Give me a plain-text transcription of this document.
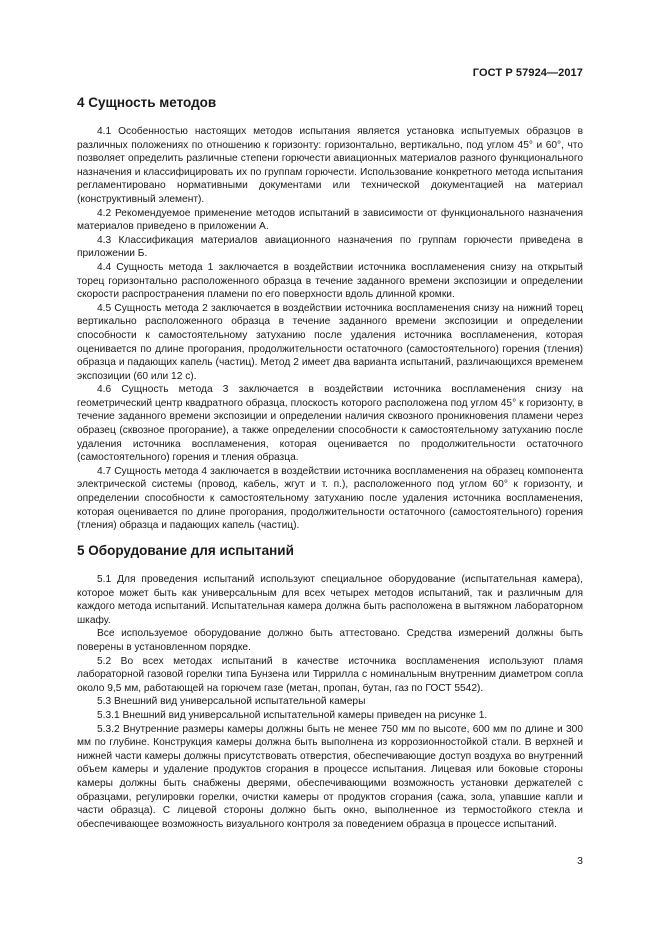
ГОСТ Р 57924—2017
4 Сущность методов

4.1 Особенностью настоящих методов испытания является установка испытуемых образцов в различных положениях по отношению к горизонту: горизонтально, вертикально, под углом 45° и 60°, что позволяет определить различные степени горючести авиационных материалов разного функционального назначения и классифицировать их по группам горючести. Использование конкретного метода испытания регламентировано нормативными документами или технической документацией на материал (конструктивный элемент).

4.2 Рекомендуемое применение методов испытаний в зависимости от функционального назначения материалов приведено в приложении А.

4.3 Классификация материалов авиационного назначения по группам горючести приведена в приложении Б.

4.4 Сущность метода 1 заключается в воздействии источника воспламенения снизу на открытый торец горизонтально расположенного образца в течение заданного времени экспозиции и определении скорости распространения пламени по его поверхности вдоль длинной кромки.

4.5 Сущность метода 2 заключается в воздействии источника воспламенения снизу на нижний торец вертикально расположенного образца в течение заданного времени экспозиции и определении способности к самостоятельному затуханию после удаления источника воспламенения, которая оценивается по длине прогорания, продолжительности остаточного (самостоятельного) горения (тления) образца и падающих капель (частиц). Метод 2 имеет два варианта испытаний, различающихся временем экспозиции (60 или 12 с).

4.6 Сущность метода 3 заключается в воздействии источника воспламенения снизу на геометрический центр квадратного образца, плоскость которого расположена под углом 45° к горизонту, в течение заданного времени экспозиции и определении наличия сквозного проникновения пламени через образец (сквозное прогорание), а также определении способности к самостоятельному затуханию после удаления источника воспламенения, которая оценивается по продолжительности остаточного (самостоятельного) горения и тления образца.

4.7 Сущность метода 4 заключается в воздействии источника воспламенения на образец компонента электрической системы (провод, кабель, жгут и т. п.), расположенного под углом 60° к горизонту, и определении способности к самостоятельному затуханию после удаления источника воспламенения, которая оценивается по длине прогорания, продолжительности остаточного (самостоятельного) горения (тления) образца и падающих капель (частиц).

5 Оборудование для испытаний

5.1 Для проведения испытаний используют специальное оборудование (испытательная камера), которое может быть как универсальным для всех четырех методов испытаний, так и различным для каждого метода испытаний. Испытательная камера должна быть расположена в вытяжном лабораторном шкафу.

Все используемое оборудование должно быть аттестовано. Средства измерений должны быть поверены в установленном порядке.

5.2 Во всех методах испытаний в качестве источника воспламенения используют пламя лабораторной газовой горелки типа Бунзена или Тиррилла с номинальным внутренним диаметром сопла около 9,5 мм, работающей на горючем газе (метан, пропан, бутан, газ по ГОСТ 5542).

5.3 Внешний вид универсальной испытательной камеры

5.3.1 Внешний вид универсальной испытательной камеры приведен на рисунке 1.

5.3.2 Внутренние размеры камеры должны быть не менее 750 мм по высоте, 600 мм по длине и 300 мм по глубине. Конструкция камеры должна быть выполнена из коррозионностойкой стали. В верхней и нижней части камеры должны присутствовать отверстия, обеспечивающие доступ воздуха во внутренний объем камеры и удаление продуктов сгорания в процессе испытания. Лицевая или боковые стороны камеры должны быть снабжены дверями, обеспечивающими возможность установки держателей с образцами, регулировки горелки, очистки камеры от продуктов сгорания (сажа, зола, упавшие капли и части образца). С лицевой стороны должно быть окно, выполненное из термостойкого стекла и обеспечивающее возможность визуального контроля за поведением образца в процессе испытаний.

3
